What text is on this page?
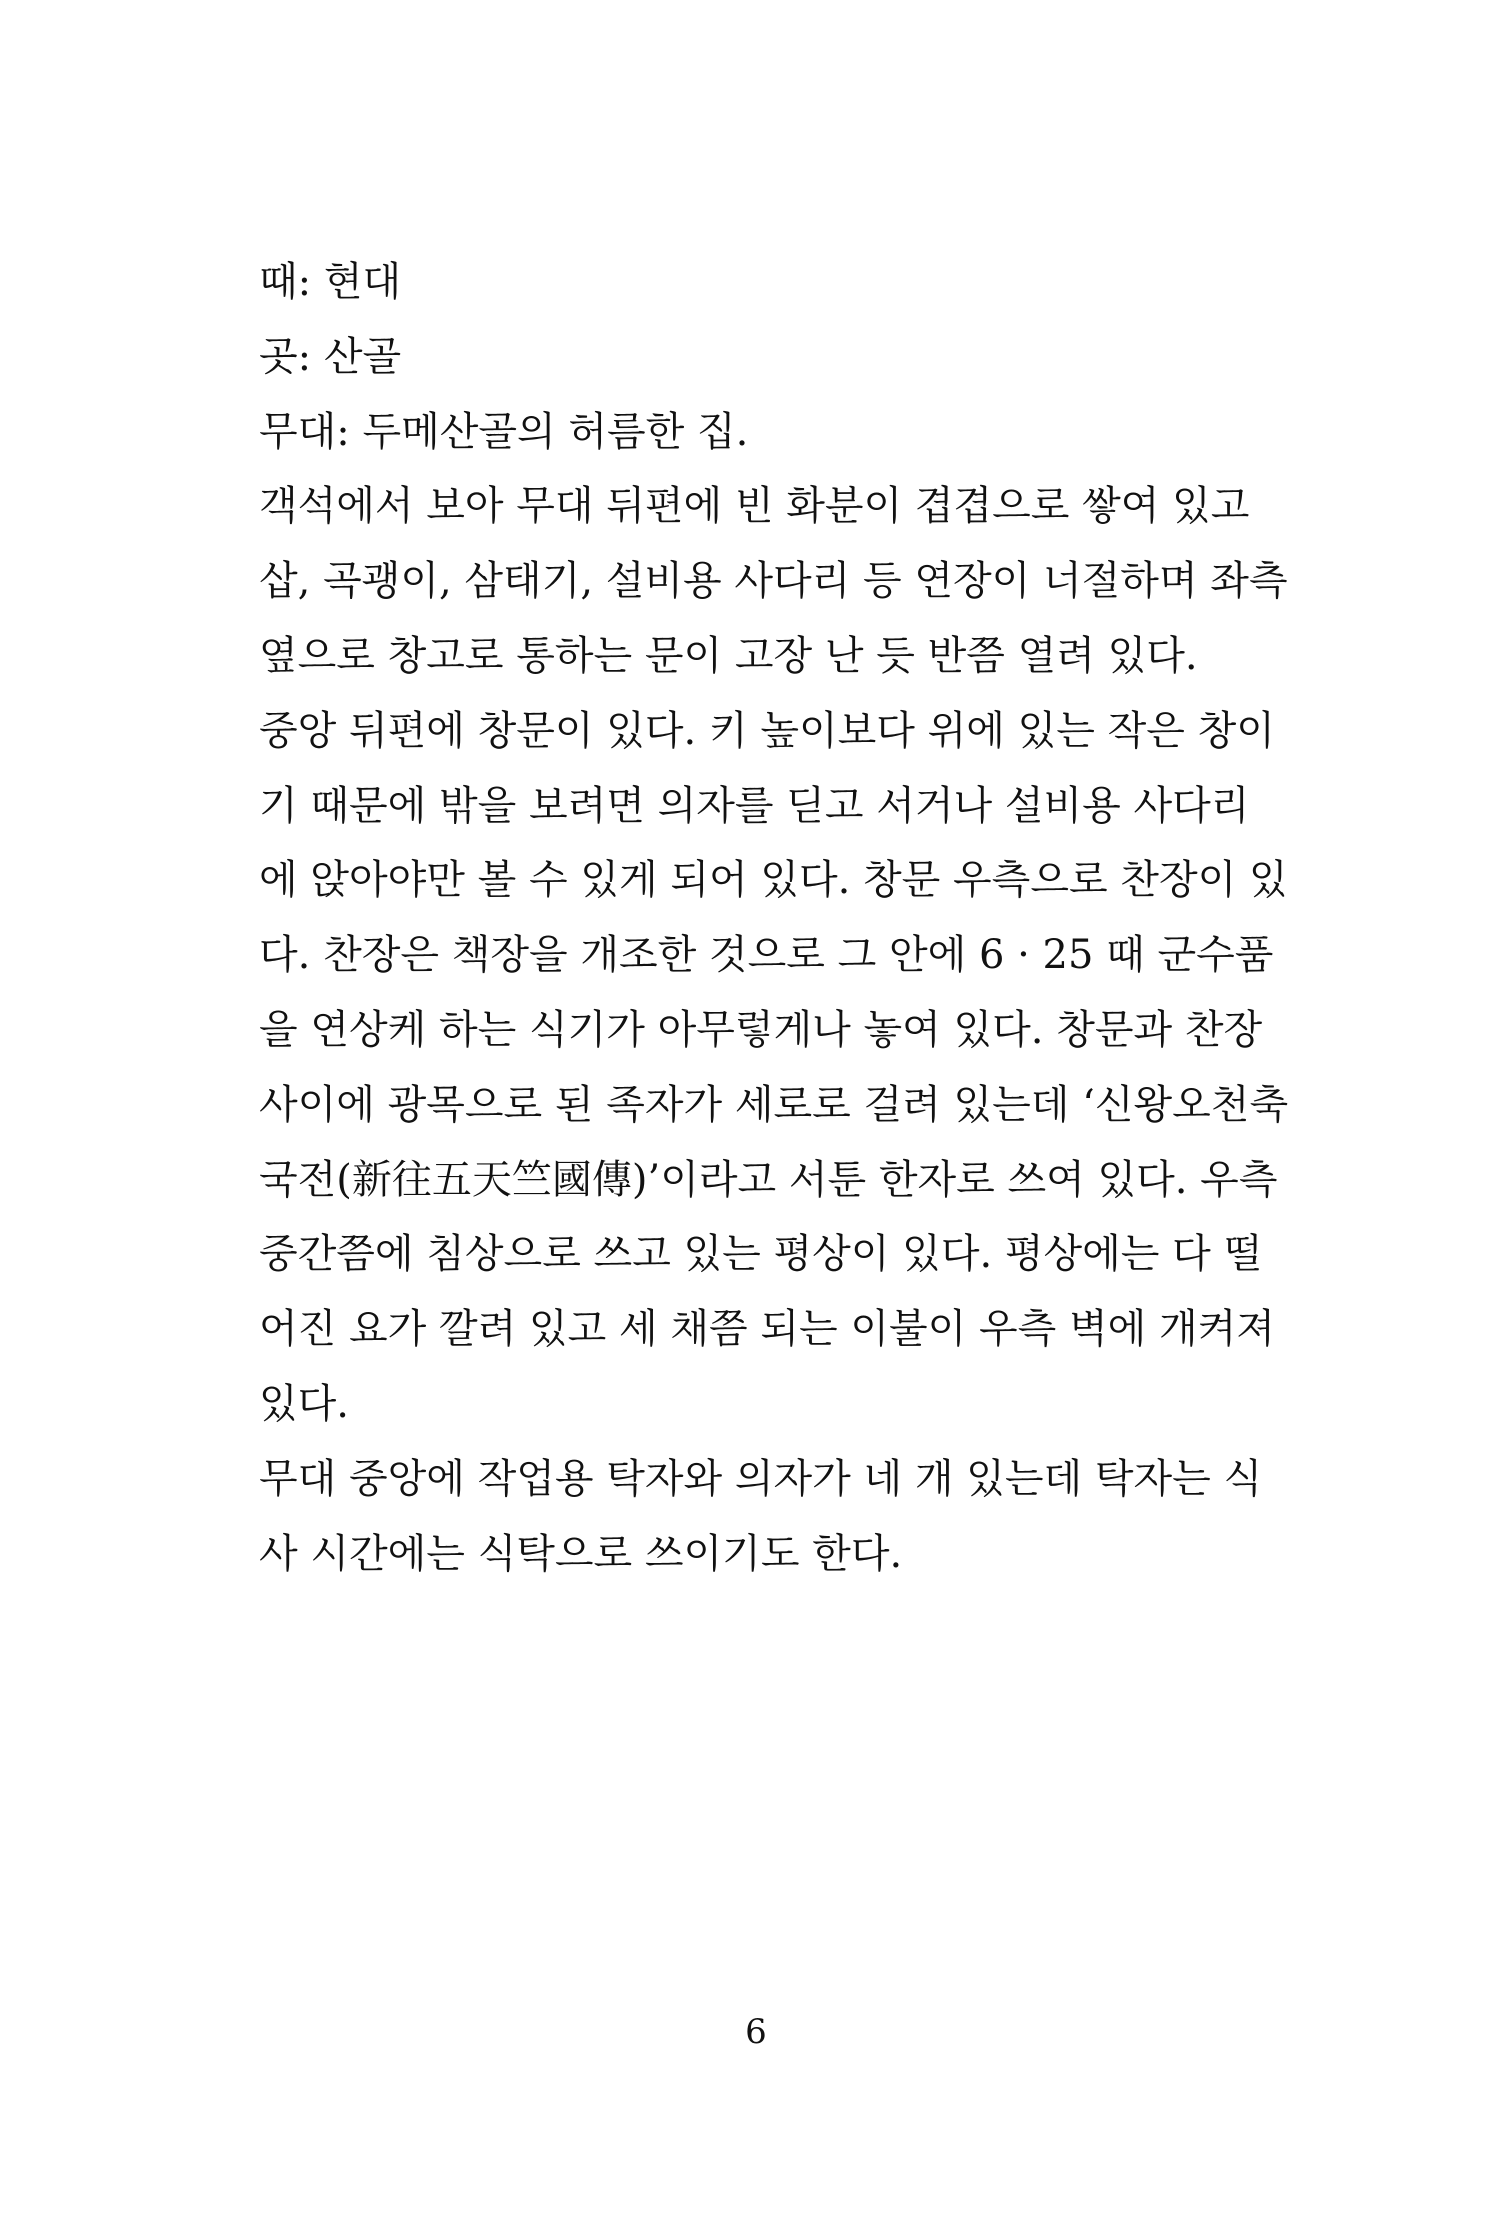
때: 현대
곳: 산골
무대: 두메산골의 허름한 집.
객석에서 보아 무대 뒤편에 빈 화분이 겹겹으로 쌓여 있고
삽, 곡괭이, 삼태기, 설비용 사다리 등 연장이 너절하며 좌측
옆으로 창고로 통하는 문이 고장 난 듯 반쯤 열려 있다.
중앙 뒤편에 창문이 있다. 키 높이보다 위에 있는 작은 창이
기 때문에 밖을 보려면 의자를 딛고 서거나 설비용 사다리
에 앉아야만 볼 수 있게 되어 있다. 창문 우측으로 찬장이 있
다. 찬장은 책장을 개조한 것으로 그 안에 6 · 25 때 군수품
을 연상케 하는 식기가 아무렇게나 놓여 있다. 창문과 찬장
사이에 광목으로 된 족자가 세로로 걸려 있는데 ‘신왕오천축
국전(新往五天竺國傳)’이라고 서툰 한자로 쓰여 있다. 우측
중간쯤에 침상으로 쓰고 있는 평상이 있다. 평상에는 다 떨
어진 요가 깔려 있고 세 채쯤 되는 이불이 우측 벽에 개켜져
있다.
무대 중앙에 작업용 탁자와 의자가 네 개 있는데 탁자는 식
사 시간에는 식탁으로 쓰이기도 한다.
6
